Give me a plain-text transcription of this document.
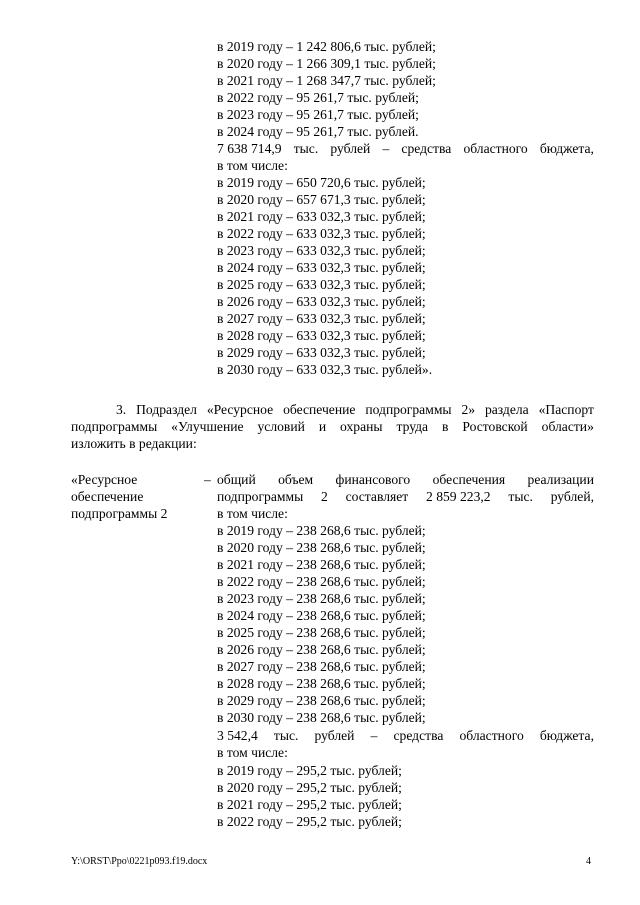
в 2019 году – 1 242 806,6 тыс. рублей;
в 2020 году – 1 266 309,1 тыс. рублей;
в 2021 году – 1 268 347,7 тыс. рублей;
в 2022 году – 95 261,7 тыс. рублей;
в 2023 году – 95 261,7 тыс. рублей;
в 2024 году – 95 261,7 тыс. рублей.
7 638 714,9 тыс. рублей – средства областного бюджета,
в том числе:
в 2019 году – 650 720,6 тыс. рублей;
в 2020 году – 657 671,3 тыс. рублей;
в 2021 году – 633 032,3 тыс. рублей;
в 2022 году – 633 032,3 тыс. рублей;
в 2023 году – 633 032,3 тыс. рублей;
в 2024 году – 633 032,3 тыс. рублей;
в 2025 году – 633 032,3 тыс. рублей;
в 2026 году – 633 032,3 тыс. рублей;
в 2027 году – 633 032,3 тыс. рублей;
в 2028 году – 633 032,3 тыс. рублей;
в 2029 году – 633 032,3 тыс. рублей;
в 2030 году – 633 032,3 тыс. рублей».
3. Подраздел «Ресурсное обеспечение подпрограммы 2» раздела «Паспорт
подпрограммы «Улучшение условий и охраны труда в Ростовской области»
изложить в редакции:
«Ресурсное
обеспечение
подпрограммы 2
– общий объем финансового обеспечения реализации
подпрограммы 2 составляет 2 859 223,2 тыс. рублей,
в том числе:
в 2019 году – 238 268,6 тыс. рублей;
в 2020 году – 238 268,6 тыс. рублей;
в 2021 году – 238 268,6 тыс. рублей;
в 2022 году – 238 268,6 тыс. рублей;
в 2023 году – 238 268,6 тыс. рублей;
в 2024 году – 238 268,6 тыс. рублей;
в 2025 году – 238 268,6 тыс. рублей;
в 2026 году – 238 268,6 тыс. рублей;
в 2027 году – 238 268,6 тыс. рублей;
в 2028 году – 238 268,6 тыс. рублей;
в 2029 году – 238 268,6 тыс. рублей;
в 2030 году – 238 268,6 тыс. рублей;
3 542,4 тыс. рублей – средства областного бюджета,
в том числе:
в 2019 году – 295,2 тыс. рублей;
в 2020 году – 295,2 тыс. рублей;
в 2021 году – 295,2 тыс. рублей;
в 2022 году – 295,2 тыс. рублей;
Y:\ORST\Ppo\0221p093.f19.docx	4
